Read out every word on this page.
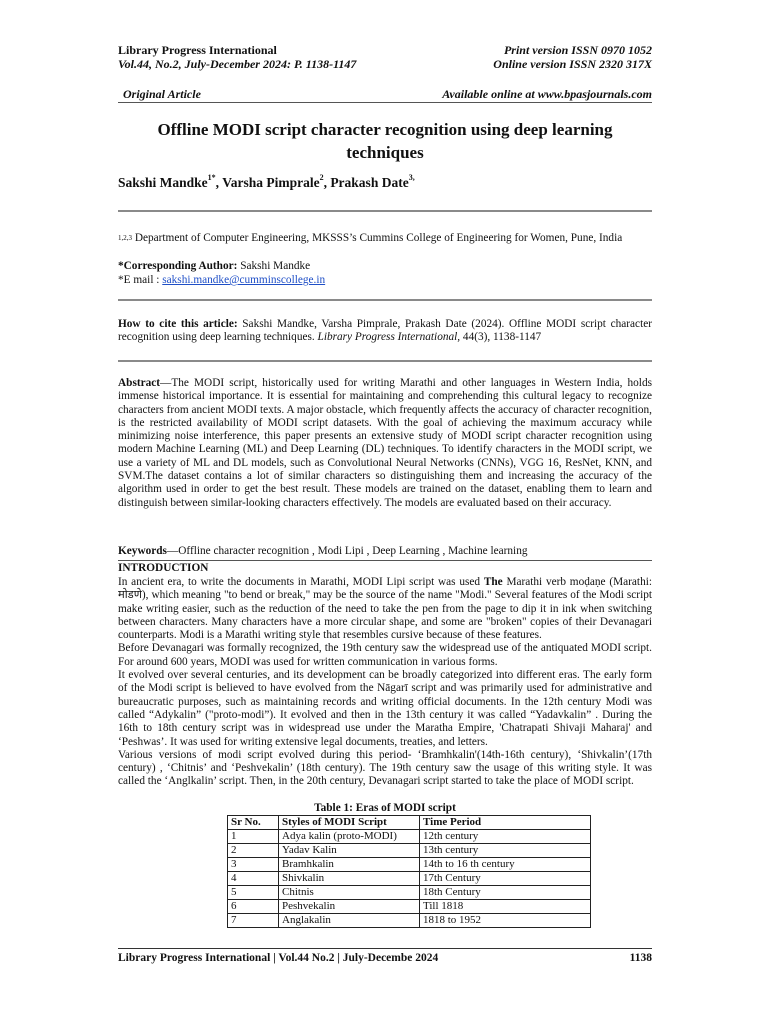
Library Progress International
Vol.44, No.2, July-December 2024: P. 1138-1147
Print version ISSN 0970 1052
Online version ISSN 2320 317X
Original Article	Available online at www.bpasjournals.com
Offline MODI script character recognition using deep learning techniques
Sakshi Mandke$^{1*}$, Varsha Pimprale$^2$, Prakash Date$^{3,}$
$^{1,2,3}$ Department of Computer Engineering, MKSSS’s Cummins College of Engineering for Women, Pune, India
*Corresponding Author: Sakshi Mandke
*E mail : sakshi.mandke@cumminscollege.in
How to cite this article: Sakshi Mandke, Varsha Pimprale, Prakash Date (2024). Offline MODI script character recognition using deep learning techniques. Library Progress International, 44(3), 1138-1147
Abstract—The MODI script, historically used for writing Marathi and other languages in Western India, holds immense historical importance. It is essential for maintaining and comprehending this cultural legacy to recognize characters from ancient MODI texts. A major obstacle, which frequently affects the accuracy of character recognition, is the restricted availability of MODI script datasets. With the goal of achieving the maximum accuracy while minimizing noise interference, this paper presents an extensive study of MODI script character recognition using modern Machine Learning (ML) and Deep Learning (DL) techniques. To identify characters in the MODI script, we use a variety of ML and DL models, such as Convolutional Neural Networks (CNNs), VGG 16, ResNet, KNN, and SVM.The dataset contains a lot of similar characters so distinguishing them and increasing the accuracy of the algorithm used in order to get the best result. These models are trained on the dataset, enabling them to learn and distinguish between similar-looking characters effectively. The models are evaluated based on their accuracy.
Keywords—Offline character recognition , Modi Lipi , Deep Learning , Machine learning
INTRODUCTION

In ancient era, to write the documents in Marathi, MODI Lipi script was used The Marathi verb moḍaṇe (Marathi: मोडणे), which meaning "to bend or break," may be the source of the name "Modi." Several features of the Modi script make writing easier, such as the reduction of the need to take the pen from the page to dip it in ink when switching between characters. Many characters have a more circular shape, and some are "broken" copies of their Devanagari counterparts. Modi is a Marathi writing style that resembles cursive because of these features.

Before Devanagari was formally recognized, the 19th century saw the widespread use of the antiquated MODI script. For around 600 years, MODI was used for written communication in various forms.

It evolved over several centuries, and its development can be broadly categorized into different eras. The early form of the Modi script is believed to have evolved from the Nāgarī script and was primarily used for administrative and bureaucratic purposes, such as maintaining records and writing official documents. In the 12th century Modi was called “Adykalin” ("proto-modi”). It evolved and then in the 13th century it was called “Yadavkalin” . During the 16th to 18th century script was in widespread use under the Maratha Empire, 'Chatrapati Shivaji Maharaj' and ‘Peshwas’. It was used for writing extensive legal documents, treaties, and letters.

Various versions of modi script evolved during this period- ‘Bramhkalin'(14th-16th century), ‘Shivkalin’(17th century) , ‘Chitnis’ and ‘Peshvekalin’ (18th century). The 19th century saw the usage of this writing style. It was called the ‘Anglkalin’ script. Then, in the 20th century, Devanagari script started to take the place of MODI script.

Table 1: Eras of MODI script
Sr No.	Styles of MODI Script	Time Period
1	Adya kalin (proto-MODI)	12th century
2	Yadav Kalin	13th century
3	Bramhkalin	14th to 16 th century
4	Shivkalin	17th Century
5	Chitnis	18th Century
6	Peshvekalin	Till 1818
7	Anglakalin	1818 to 1952
Library Progress International | Vol.44 No.2 | July-Decembe 2024	1138
